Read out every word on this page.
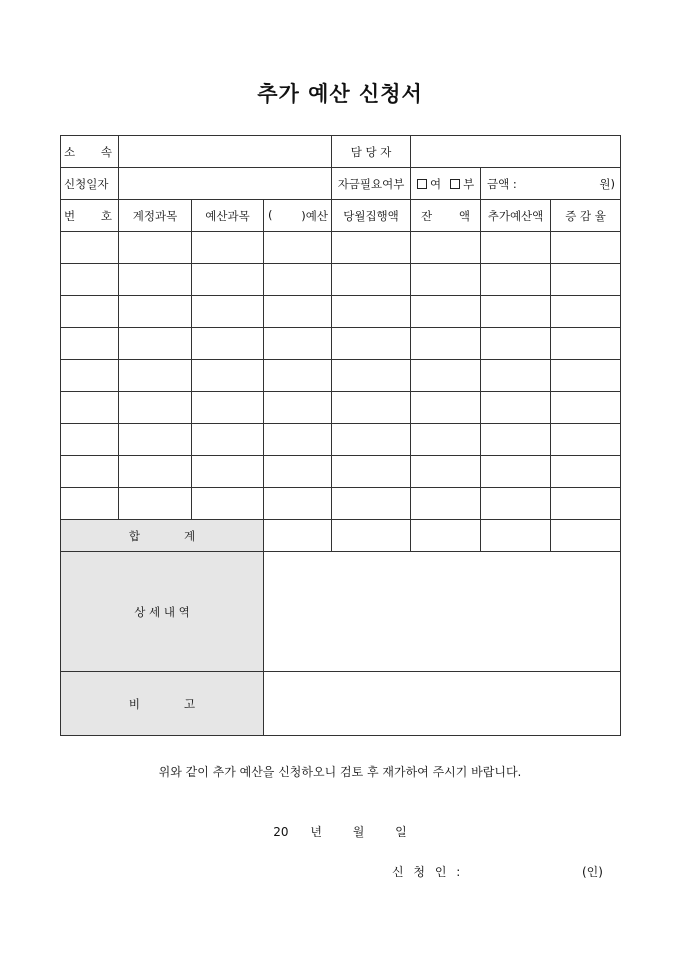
추가 예산 신청서
소 속				담 당 자			
신청일자				자금필요여부	여 부	금액 : 원)	

번 호	계정과목	예산과목	( )예산	당월집행액	잔 액	추가예산액	증 감 율

합 계							

상 세 내 역							

비 고							

위와 같이 추가 예산을 신청하오니 검토 후 재가하여 주시기 바랍니다.
20 년	월	일
신 청 인 :	(인)
